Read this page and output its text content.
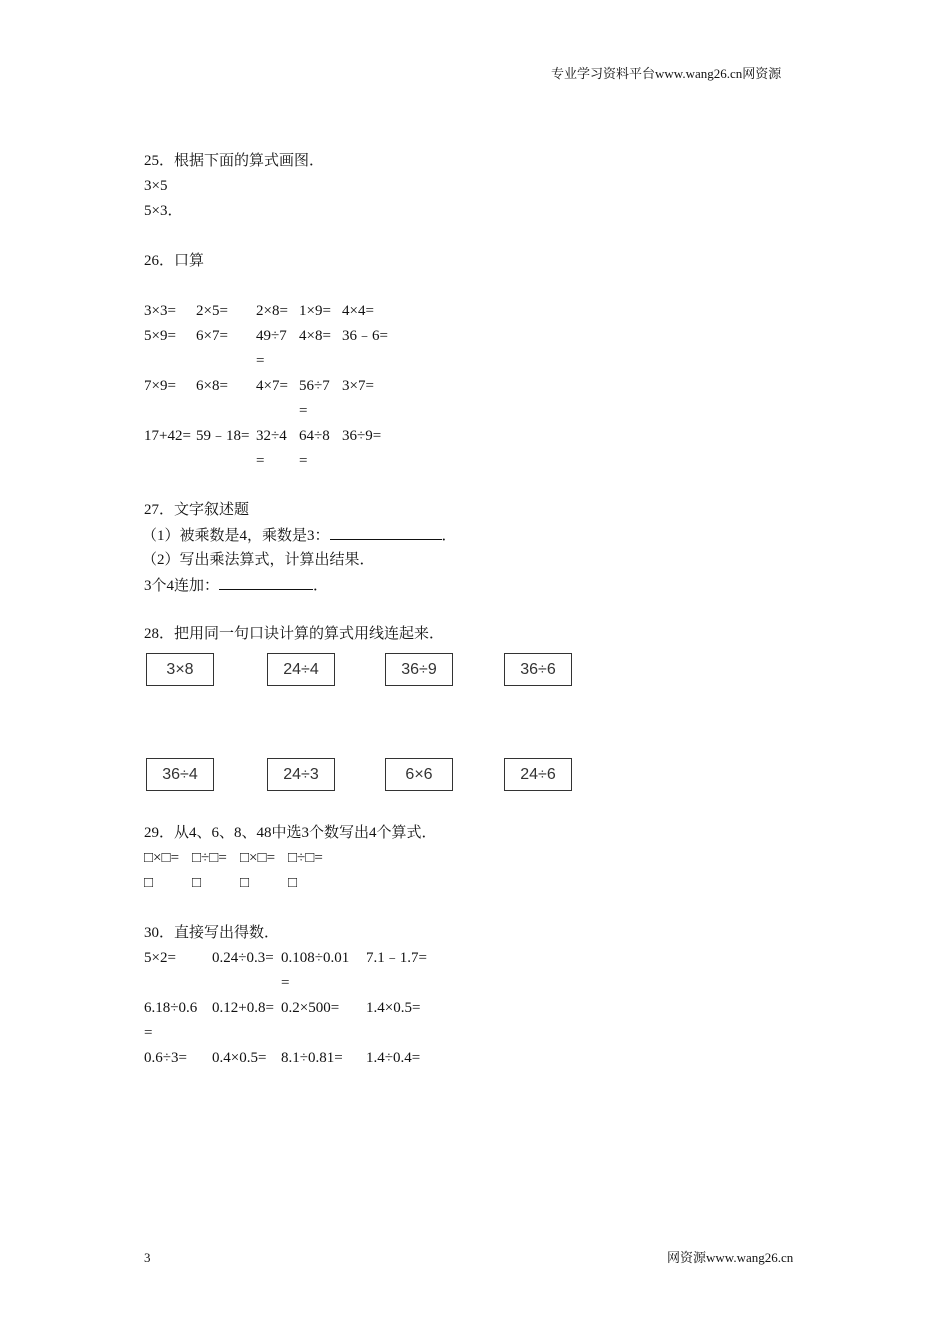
专业学习资料平台www.wang26.cn网资源
25．根据下面的算式画图．
3×5
5×3．
26．口算
3×3= 2×5= 2×8= 1×9= 4×4=
5×9= 6×7= 49÷7 4×8= 36﹣6=
=
7×9= 6×8= 4×7= 56÷7 3×7=
=
17+42= 59﹣18= 32÷4 64÷8 36÷9=
= =
27．文字叙述题
（1）被乘数是4，乘数是3：	．
（2）写出乘法算式，计算出结果．
3个4连加：	．
28．把用同一句口诀计算的算式用线连起来．
3×8	24÷4	36÷9	36÷6
36÷4	24÷3	6×6	24÷6
29．从4、6、8、48中选3个数写出4个算式．
□×□= □÷□= □×□= □÷□=
□	□	□	□
30．直接写出得数．
5×2= 0.24÷0.3= 0.108÷0.01 7.1﹣1.7=
=
6.18÷0.6 0.12+0.8= 0.2×500= 1.4×0.5=
=
0.6÷3= 0.4×0.5= 8.1÷0.81= 1.4÷0.4=
3	网资源www.wang26.cn
